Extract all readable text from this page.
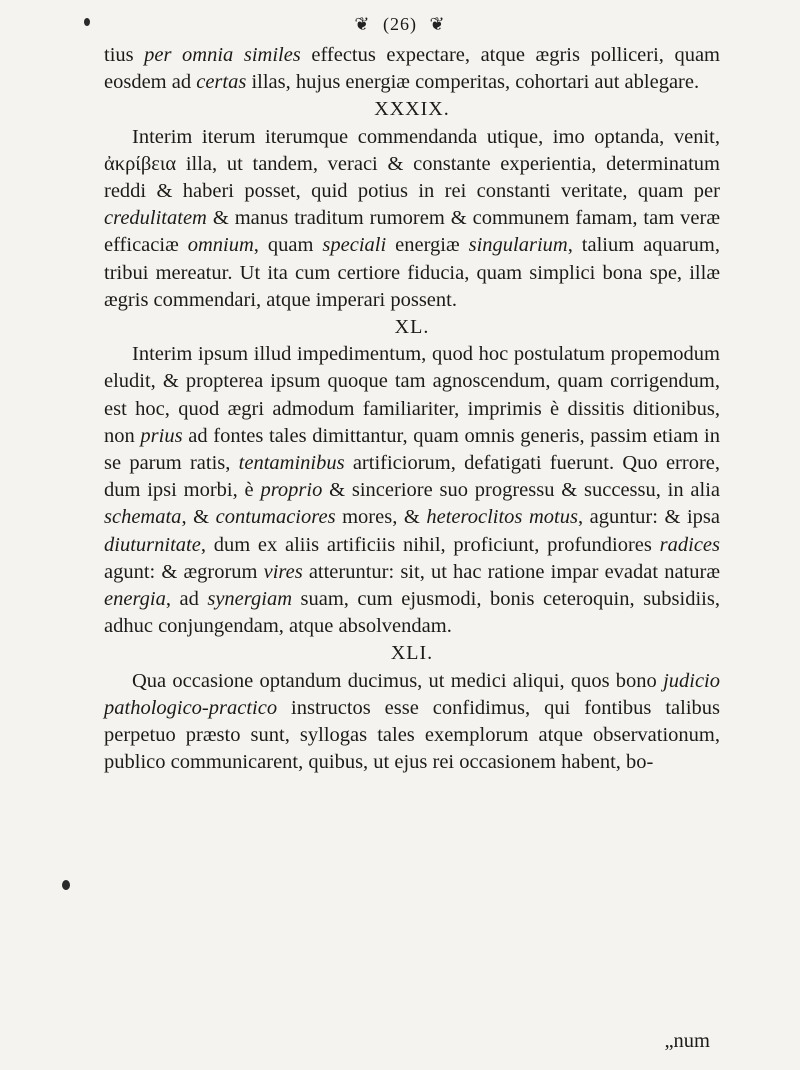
❦ (26) ❦

tius per omnia similes effectus expectare, atque ægris polliceri, quam eosdem ad certas illas, hujus energiæ comperitas, cohortari aut ablegare.

XXXIX.

Interim iterum iterumque commendanda utique, imo optanda, venit, ἀκρίβεια illa, ut tandem, veraci & constante experientia, determinatum reddi & haberi posset, quid potius in rei constanti veritate, quam per credulitatem & manus traditum rumorem & communem famam, tam veræ efficaciæ omnium, quam speciali energiæ singularium, talium aquarum, tribui mereatur. Ut ita cum certiore fiducia, quam simplici bona spe, illæ ægris commendari, atque imperari possent.

XL.

Interim ipsum illud impedimentum, quod hoc postulatum propemodum eludit, & propterea ipsum quoque tam agnoscendum, quam corrigendum, est hoc, quod ægri admodum familiariter, imprimis è dissitis ditionibus, non prius ad fontes tales dimittantur, quam omnis generis, passim etiam in se parum ratis, tentaminibus artificiorum, defatigati fuerunt. Quo errore, dum ipsi morbi, è proprio & sinceriore suo progressu & successu, in alia schemata, & contumaciores mores, & heteroclitos motus, aguntur: & ipsa diuturnitate, dum ex aliis artificiis nihil, proficiunt, profundiores radices agunt: & ægrorum vires atteruntur: sit, ut hac ratione impar evadat naturæ energia, ad synergiam suam, cum ejusmodi, bonis ceteroquin, subsidiis, adhuc conjungendam, atque absolvendam.

XLI.

Qua occasione optandum ducimus, ut medici aliqui, quos bono judicio pathologico-practico instructos esse confidimus, qui fontibus talibus perpetuo præsto sunt, syllogas tales exemplorum atque observationum, publico communicarent, quibus, ut ejus rei occasionem habent, bo-

„num
